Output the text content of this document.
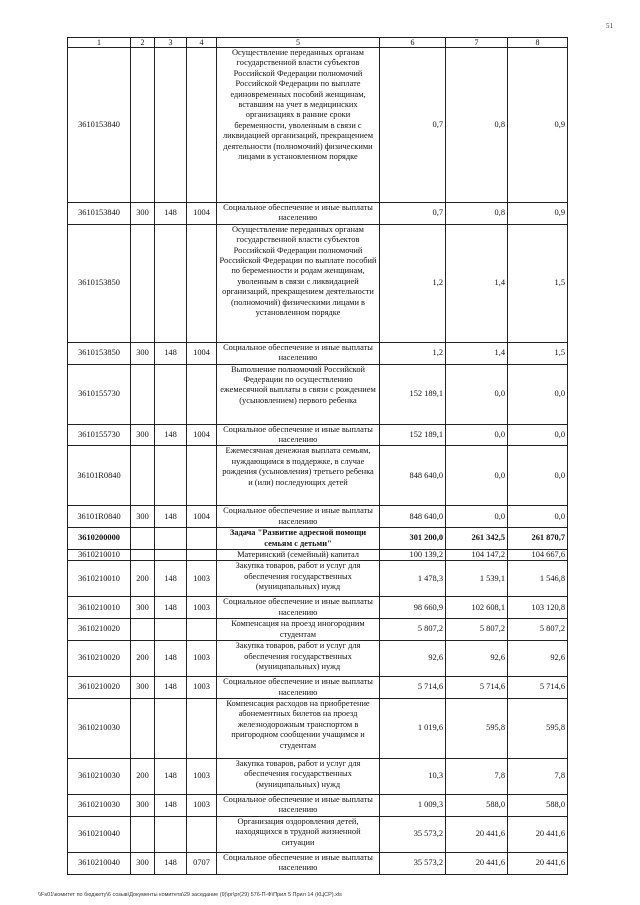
51
1	2	3	4	5	6	7	8
3610153840				Осуществление переданных органам государственной власти субъектов Российской Федерации полномочий Российской Федерации по выплате единовременных пособий женщинам, вставшим на учет в медицинских организациях в ранние сроки беременности, уволенным в связи с ликвидацией организаций, прекращением деятельности (полномочий) физическими лицами в установленном порядке	0,7	0,8	0,9
3610153840	300	148	1004	Социальное обеспечение и иные выплаты населению	0,7	0,8	0,9
3610153850				Осуществление переданных органам государственной власти субъектов Российской Федерации полномочий Российской Федерации по выплате пособий по беременности и родам женщинам, уволенным в связи с ликвидацией организаций, прекращением деятельности (полномочий) физическими лицами в установленном порядке	1,2	1,4	1,5
3610153850	300	148	1004	Социальное обеспечение и иные выплаты населению	1,2	1,4	1,5
3610155730				Выполнение полномочий Российской Федерации по осуществлению ежемесячной выплаты в связи с рождением (усыновлением) первого ребенка	152 189,1	0,0	0,0
3610155730	300	148	1004	Социальное обеспечение и иные выплаты населению	152 189,1	0,0	0,0
36101R0840				Ежемесячная денежная выплата семьям, нуждающимся в поддержке, в случае рождения (усыновления) третьего ребенка и (или) последующих детей	848 640,0	0,0	0,0
36101R0840	300	148	1004	Социальное обеспечение и иные выплаты населению	848 640,0	0,0	0,0
3610200000				Задача "Развитие адресной помощи семьям с детьми"	301 200,0	261 342,5	261 870,7
3610210010				Материнский (семейный) капитал	100 139,2	104 147,2	104 667,6
3610210010	200	148	1003	Закупка товаров, работ и услуг для обеспечения государственных (муниципальных) нужд	1 478,3	1 539,1	1 546,8
3610210010	300	148	1003	Социальное обеспечение и иные выплаты населению	98 660,9	102 608,1	103 120,8
3610210020				Компенсация на проезд иногородним студентам	5 807,2	5 807,2	5 807,2
3610210020	200	148	1003	Закупка товаров, работ и услуг для обеспечения государственных (муниципальных) нужд	92,6	92,6	92,6
3610210020	300	148	1003	Социальное обеспечение и иные выплаты населению	5 714,6	5 714,6	5 714,6
3610210030				Компенсация расходов на приобретение абонементных билетов на проезд железнодорожным транспортом в пригородном сообщении учащимся и студентам	1 019,6	595,8	595,8
3610210030	200	148	1003	Закупка товаров, работ и услуг для обеспечения государственных (муниципальных) нужд	10,3	7,8	7,8
3610210030	300	148	1003	Социальное обеспечение и иные выплаты населению	1 009,3	588,0	588,0
3610210040				Организация оздоровления детей, находящихся в трудной жизненной ситуации	35 573,2	20 441,6	20 441,6
3610210040	300	148	0707	Социальное обеспечение и иные выплаты населению	35 573,2	20 441,6	20 441,6
\\Fs01\комитет по бюджету\6 созыв\Документы комитета\29 заседание (9)\pr\pr(29) 576-П-Ф\Прил 5 Прил 14 (КЦСР).xls
